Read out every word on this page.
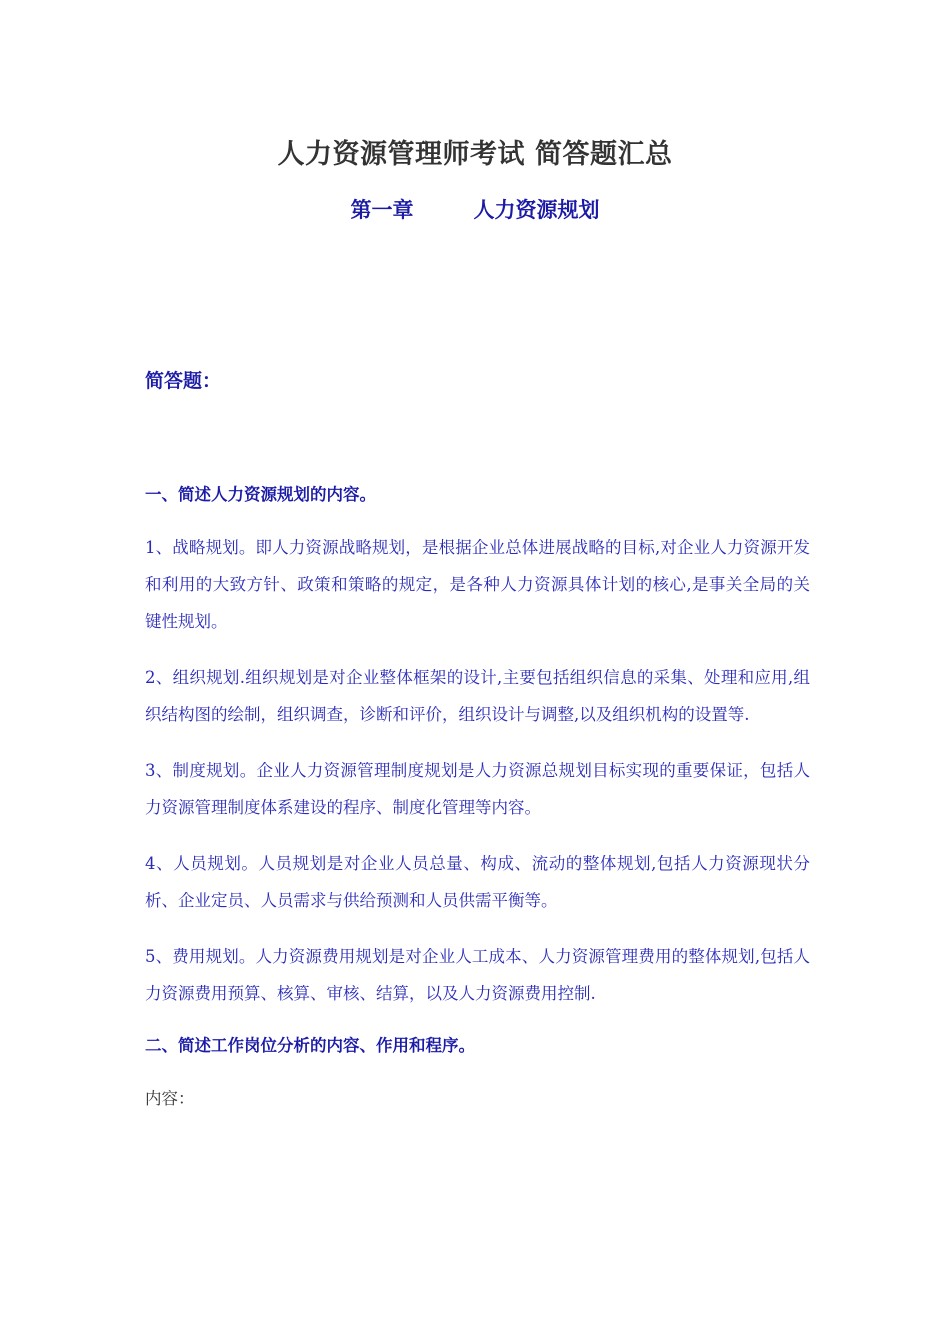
人力资源管理师考试 简答题汇总
第一章	人力资源规划
简答题：
一、简述人力资源规划的内容。

1、战略规划。即人力资源战略规划，是根据企业总体进展战略的目标,对企业人力资源开发和利用的大致方针、政策和策略的规定，是各种人力资源具体计划的核心,是事关全局的关键性规划。

2、组织规划.组织规划是对企业整体框架的设计,主要包括组织信息的采集、处理和应用,组织结构图的绘制，组织调查，诊断和评价，组织设计与调整,以及组织机构的设置等.

3、制度规划。企业人力资源管理制度规划是人力资源总规划目标实现的重要保证，包括人力资源管理制度体系建设的程序、制度化管理等内容。

4、人员规划。人员规划是对企业人员总量、构成、流动的整体规划,包括人力资源现状分析、企业定员、人员需求与供给预测和人员供需平衡等。

5、费用规划。人力资源费用规划是对企业人工成本、人力资源管理费用的整体规划,包括人力资源费用预算、核算、审核、结算，以及人力资源费用控制.

二、简述工作岗位分析的内容、作用和程序。

内容：
